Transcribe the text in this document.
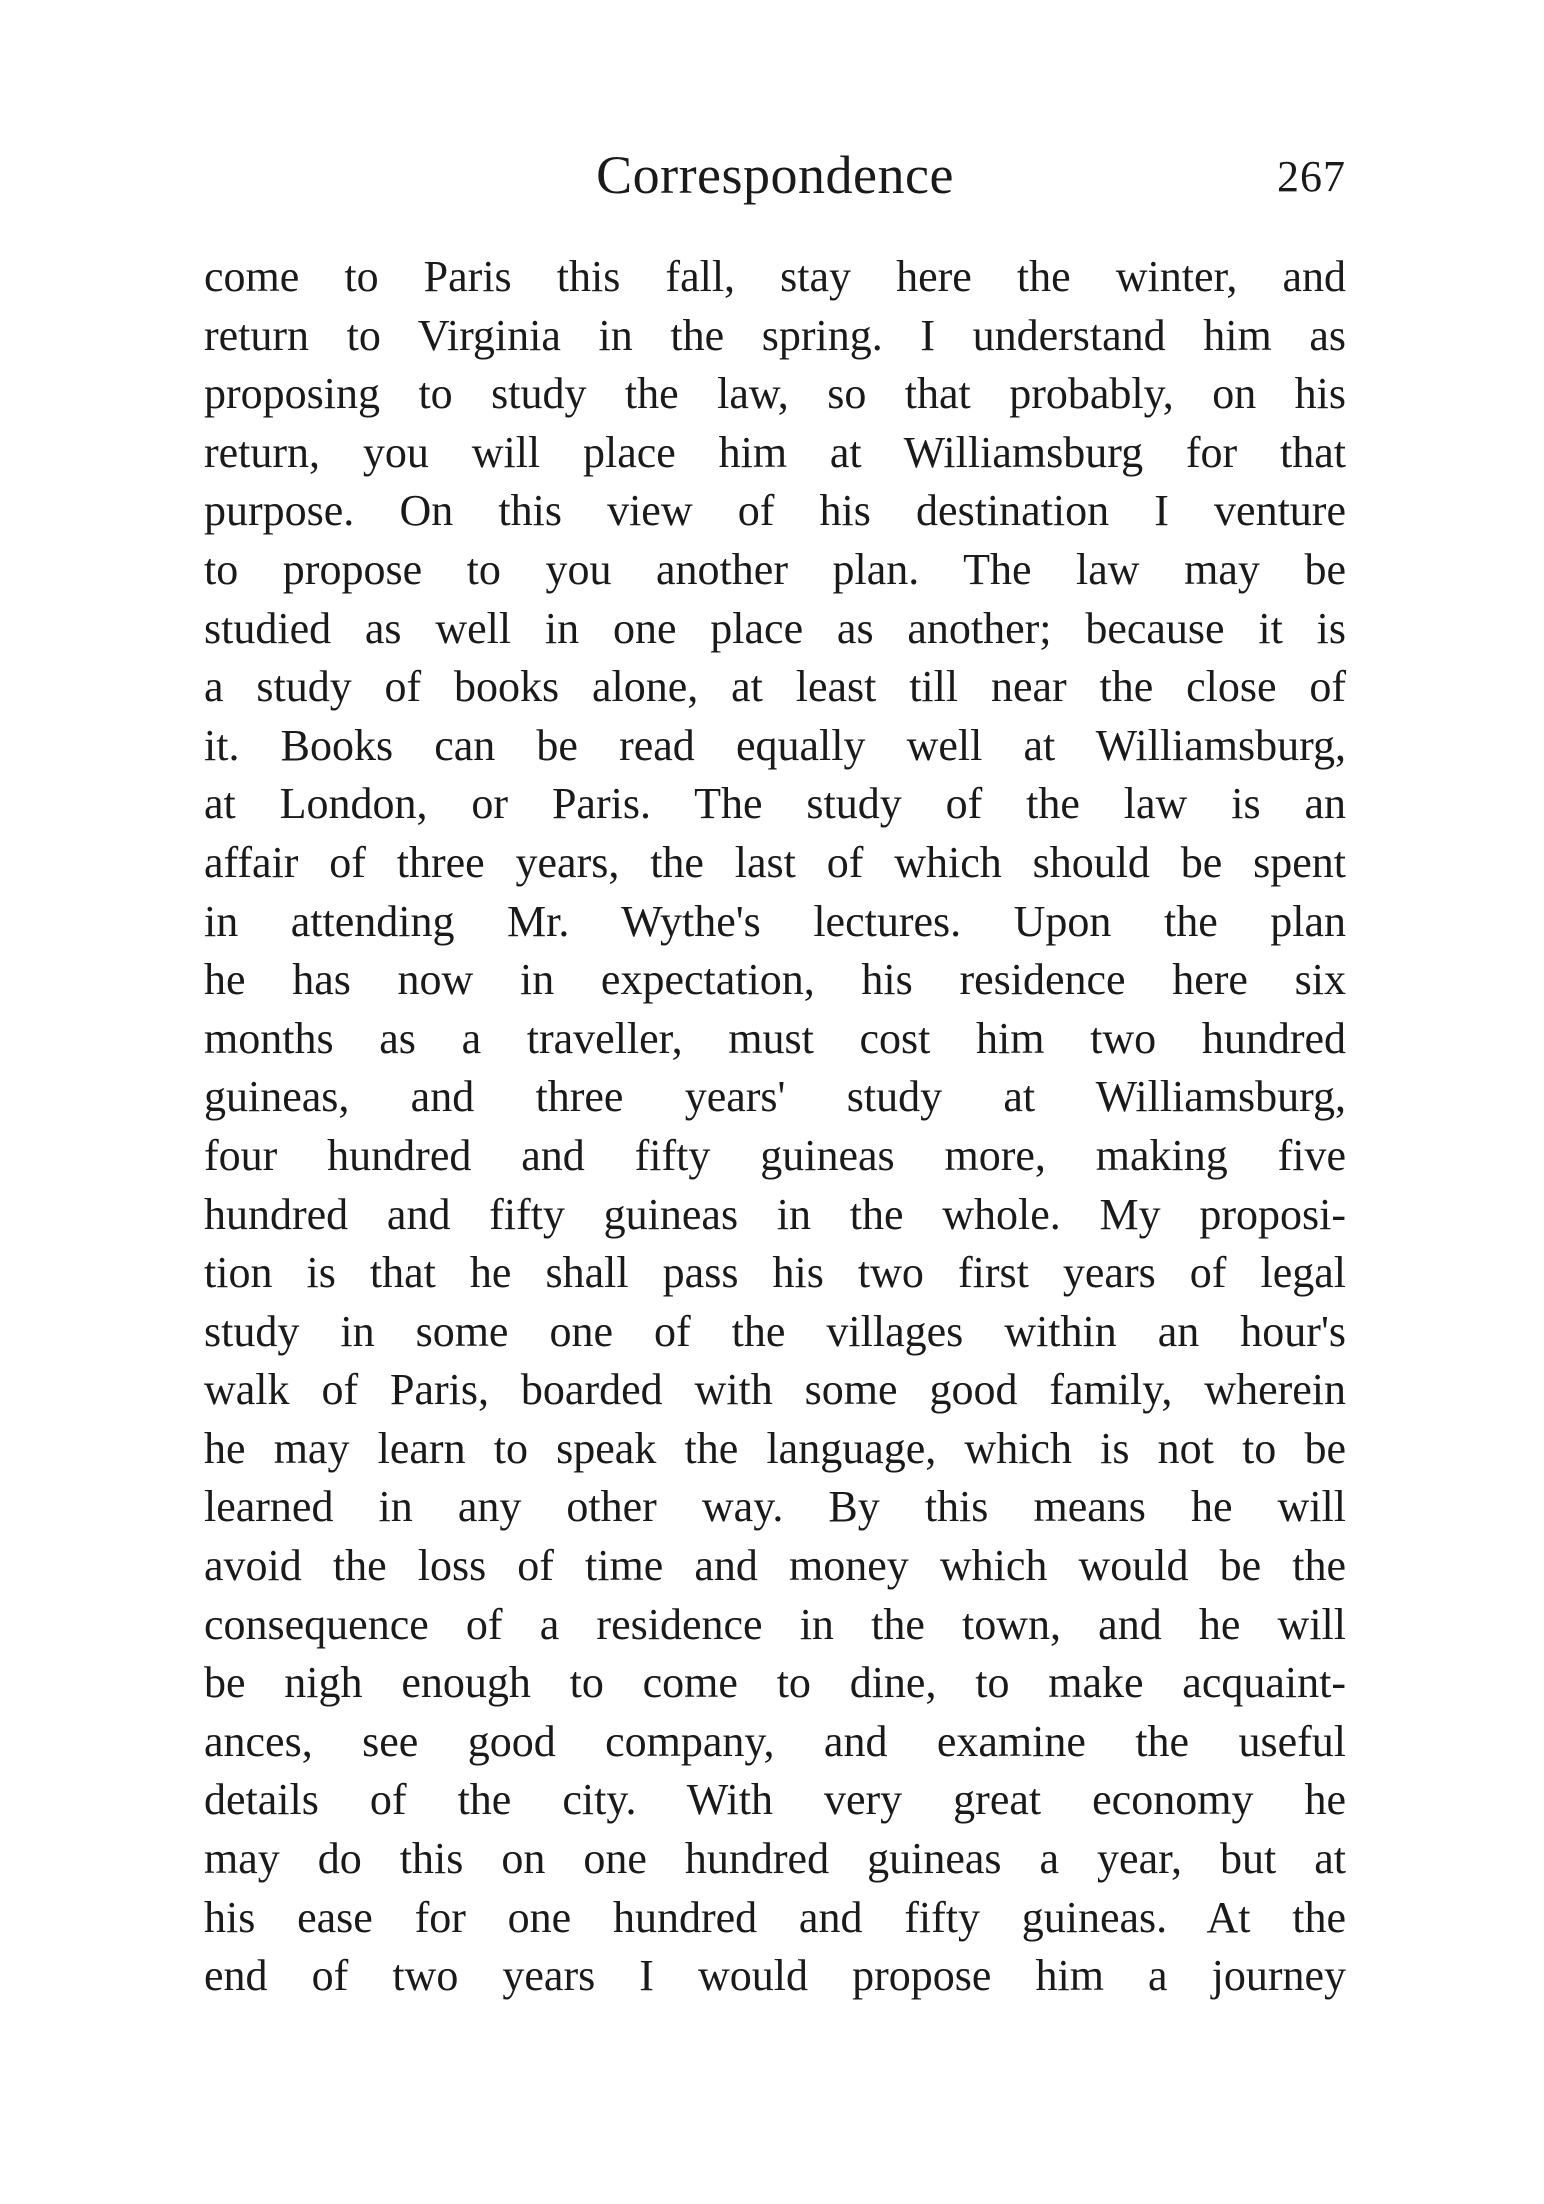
Correspondence	267
come to Paris this fall, stay here the winter, and
return to Virginia in the spring. I understand him as
proposing to study the law, so that probably, on his
return, you will place him at Williamsburg for that
purpose. On this view of his destination I venture
to propose to you another plan. The law may be
studied as well in one place as another; because it is
a study of books alone, at least till near the close of
it. Books can be read equally well at Williamsburg,
at London, or Paris. The study of the law is an
affair of three years, the last of which should be spent
in attending Mr. Wythe's lectures. Upon the plan
he has now in expectation, his residence here six
months as a traveller, must cost him two hundred
guineas, and three years' study at Williamsburg,
four hundred and fifty guineas more, making five
hundred and fifty guineas in the whole. My proposi-
tion is that he shall pass his two first years of legal
study in some one of the villages within an hour's
walk of Paris, boarded with some good family, wherein
he may learn to speak the language, which is not to be
learned in any other way. By this means he will
avoid the loss of time and money which would be the
consequence of a residence in the town, and he will
be nigh enough to come to dine, to make acquaint-
ances, see good company, and examine the useful
details of the city. With very great economy he
may do this on one hundred guineas a year, but at
his ease for one hundred and fifty guineas. At the
end of two years I would propose him a journey
